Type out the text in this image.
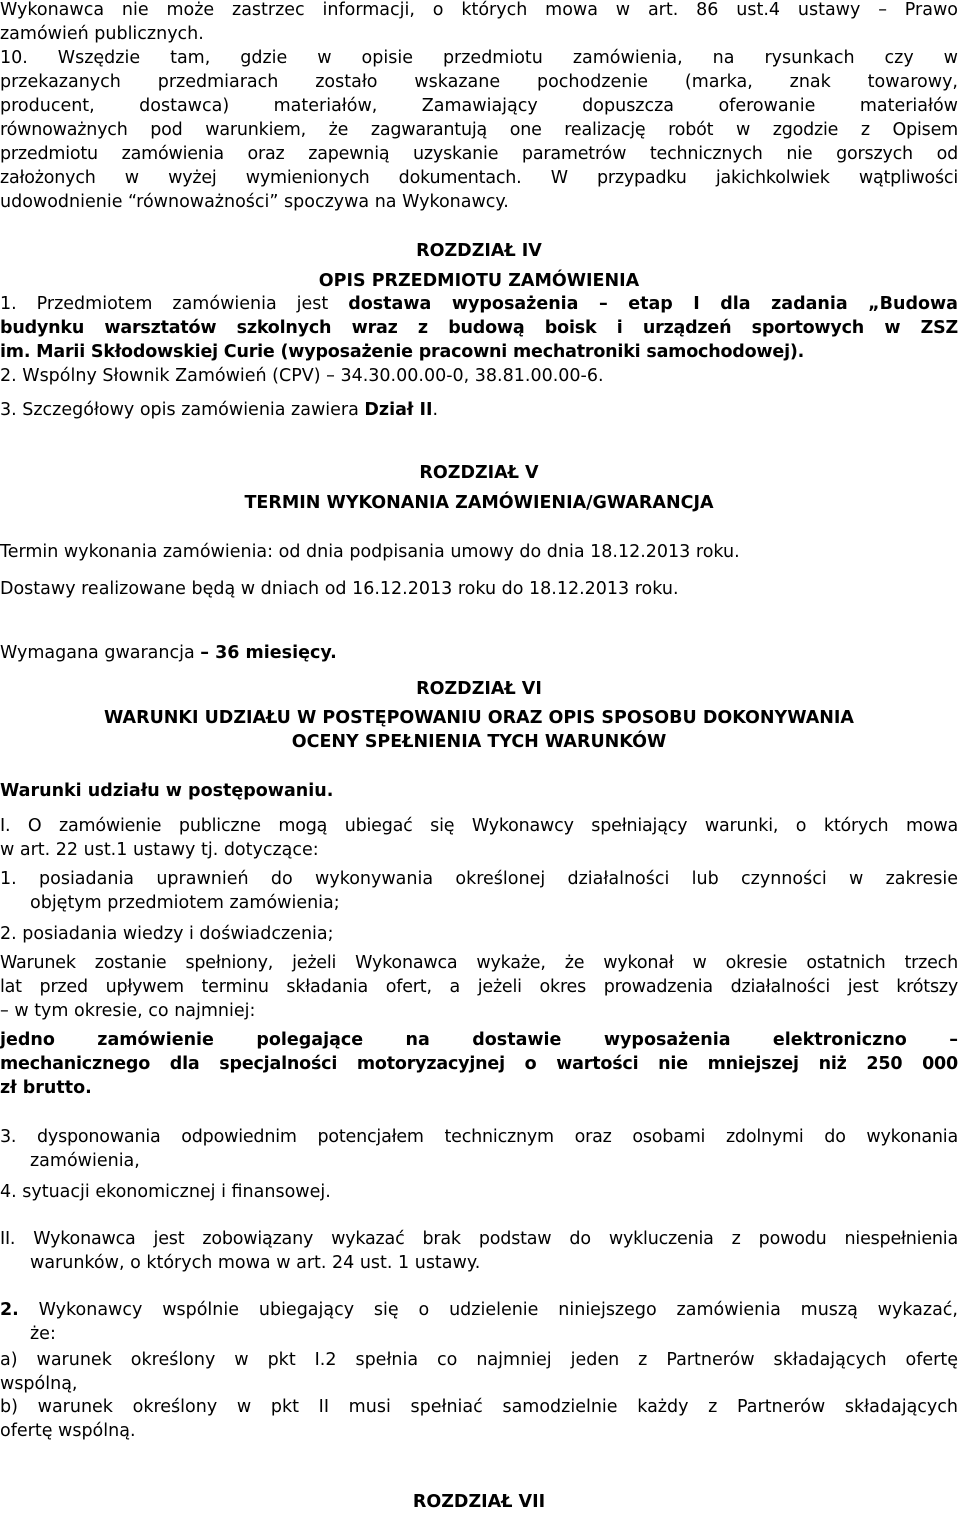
Wykonawca nie może zastrzec informacji, o których mowa w art. 86 ust.4 ustawy – Prawo
zamówień publicznych.
10. Wszędzie tam, gdzie w opisie przedmiotu zamówienia, na rysunkach czy w
przekazanych przedmiarach zostało wskazane pochodzenie (marka, znak towarowy,
producent, dostawca) materiałów, Zamawiający dopuszcza oferowanie materiałów
równoważnych pod warunkiem, że zagwarantują one realizację robót w zgodzie z Opisem
przedmiotu zamówienia oraz zapewnią uzyskanie parametrów technicznych nie gorszych od
założonych w wyżej wymienionych dokumentach. W przypadku jakichkolwiek wątpliwości
udowodnienie “równoważności” spoczywa na Wykonawcy.
ROZDZIAŁ IV
OPIS PRZEDMIOTU ZAMÓWIENIA
1. Przedmiotem zamówienia jest dostawa wyposażenia – etap I dla zadania „Budowa
budynku warsztatów szkolnych wraz z budową boisk i urządzeń sportowych w ZSZ
im. Marii Skłodowskiej Curie (wyposażenie pracowni mechatroniki samochodowej).
2. Wspólny Słownik Zamówień (CPV) – 34.30.00.00-0, 38.81.00.00-6.
3. Szczegółowy opis zamówienia zawiera Dział II.
ROZDZIAŁ V
TERMIN WYKONANIA ZAMÓWIENIA/GWARANCJA
Termin wykonania zamówienia: od dnia podpisania umowy do dnia 18.12.2013 roku.
Dostawy realizowane będą w dniach od 16.12.2013 roku do 18.12.2013 roku.
Wymagana gwarancja – 36 miesięcy.
ROZDZIAŁ VI
WARUNKI UDZIAŁU W POSTĘPOWANIU ORAZ OPIS SPOSOBU DOKONYWANIA
OCENY SPEŁNIENIA TYCH WARUNKÓW
Warunki udziału w postępowaniu.
I. O zamówienie publiczne mogą ubiegać się Wykonawcy spełniający warunki, o których mowa
w art. 22 ust.1 ustawy tj. dotyczące:
1. posiadania uprawnień do wykonywania określonej działalności lub czynności w zakresie
objętym przedmiotem zamówienia;
2. posiadania wiedzy i doświadczenia;
Warunek zostanie spełniony, jeżeli Wykonawca wykaże, że wykonał w okresie ostatnich trzech
lat przed upływem terminu składania ofert, a jeżeli okres prowadzenia działalności jest krótszy
– w tym okresie, co najmniej:
jedno zamówienie polegające na dostawie wyposażenia elektroniczno –
mechanicznego dla specjalności motoryzacyjnej o wartości nie mniejszej niż 250 000
zł brutto.
3. dysponowania odpowiednim potencjałem technicznym oraz osobami zdolnymi do wykonania
zamówienia,
4. sytuacji ekonomicznej i finansowej.
II. Wykonawca jest zobowiązany wykazać brak podstaw do wykluczenia z powodu niespełnienia
warunków, o których mowa w art. 24 ust. 1 ustawy.
2. Wykonawcy wspólnie ubiegający się o udzielenie niniejszego zamówienia muszą wykazać,
że:
a) warunek określony w pkt I.2 spełnia co najmniej jeden z Partnerów składających ofertę
wspólną,
b) warunek określony w pkt II musi spełniać samodzielnie każdy z Partnerów składających
ofertę wspólną.
ROZDZIAŁ VII
